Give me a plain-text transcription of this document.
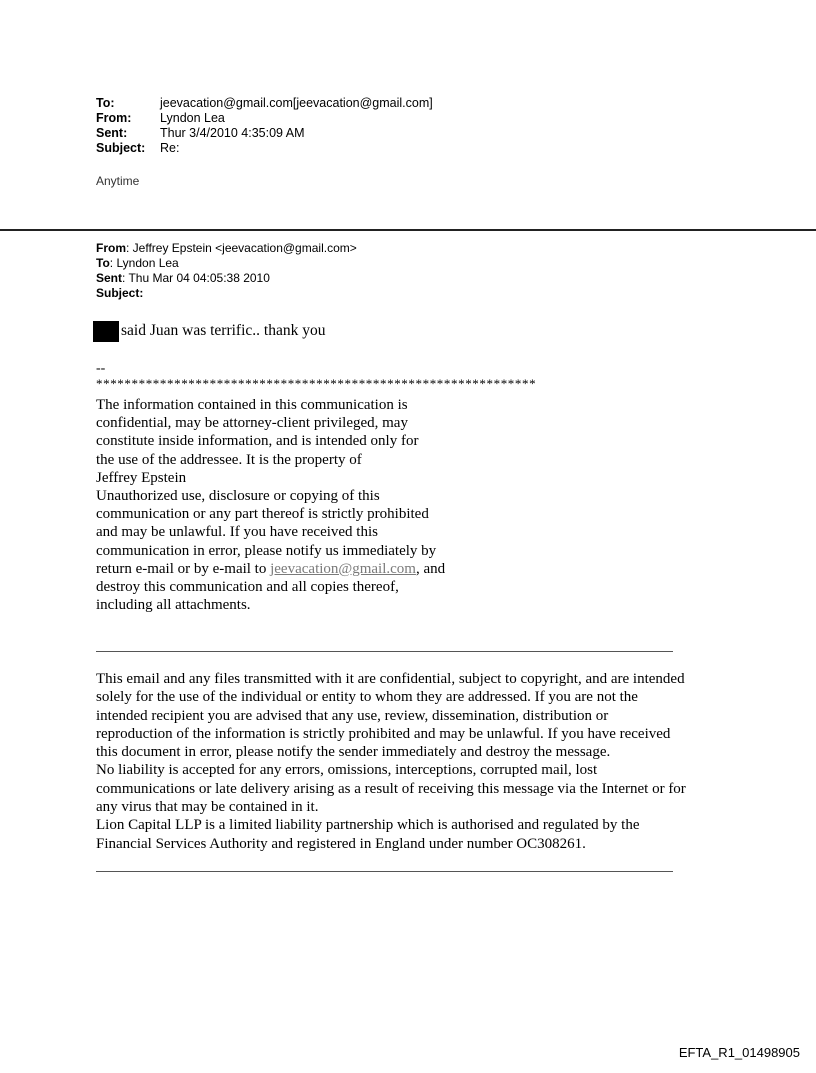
To:	jeevacation@gmail.com[jeevacation@gmail.com]
From:	Lyndon Lea
Sent:	Thur 3/4/2010 4:35:09 AM
Subject:	Re:
Anytime
From: Jeffrey Epstein <jeevacation@gmail.com>
To: Lyndon Lea
Sent: Thu Mar 04 04:05:38 2010
Subject:
said Juan was terrific.. thank you
--
**************************************************************
The information contained in this communication is
confidential, may be attorney-client privileged, may
constitute inside information, and is intended only for
the use of the addressee. It is the property of
Jeffrey Epstein
Unauthorized use, disclosure or copying of this
communication or any part thereof is strictly prohibited
and may be unlawful. If you have received this
communication in error, please notify us immediately by
return e-mail or by e-mail to jeevacation@gmail.com, and
destroy this communication and all copies thereof,
including all attachments.
This email and any files transmitted with it are confidential, subject to copyright, and are intended
solely for the use of the individual or entity to whom they are addressed. If you are not the
intended recipient you are advised that any use, review, dissemination, distribution or
reproduction of the information is strictly prohibited and may be unlawful. If you have received
this document in error, please notify the sender immediately and destroy the message.
No liability is accepted for any errors, omissions, interceptions, corrupted mail, lost
communications or late delivery arising as a result of receiving this message via the Internet or for
any virus that may be contained in it.
Lion Capital LLP is a limited liability partnership which is authorised and regulated by the
Financial Services Authority and registered in England under number OC308261.
EFTA_R1_01498905
